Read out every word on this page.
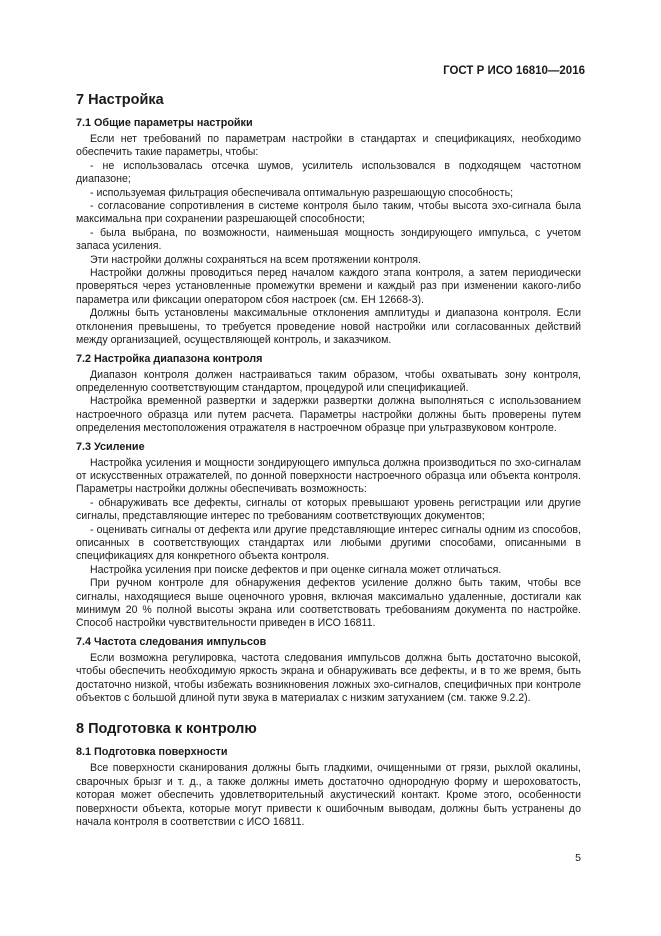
ГОСТ Р ИСО 16810—2016
7 Настройка
7.1 Общие параметры настройки

Если нет требований по параметрам настройки в стандартах и спецификациях, необходимо обеспечить такие параметры, чтобы:

- не использовалась отсечка шумов, усилитель использовался в подходящем частотном диапазоне;

- используемая фильтрация обеспечивала оптимальную разрешающую способность;

- согласование сопротивления в системе контроля было таким, чтобы высота эхо-сигнала была максимальна при сохранении разрешающей способности;

- была выбрана, по возможности, наименьшая мощность зондирующего импульса, с учетом запаса усиления.

Эти настройки должны сохраняться на всем протяжении контроля.

Настройки должны проводиться перед началом каждого этапа контроля, а затем периодически проверяться через установленные промежутки времени и каждый раз при изменении какого-либо параметра или фиксации оператором сбоя настроек (см. ЕН 12668-3).

Должны быть установлены максимальные отклонения амплитуды и диапазона контроля. Если отклонения превышены, то требуется проведение новой настройки или согласованных действий между организацией, осуществляющей контроль, и заказчиком.

7.2 Настройка диапазона контроля

Диапазон контроля должен настраиваться таким образом, чтобы охватывать зону контроля, определенную соответствующим стандартом, процедурой или спецификацией.

Настройка временной развертки и задержки развертки должна выполняться с использованием настроечного образца или путем расчета. Параметры настройки должны быть проверены путем определения местоположения отражателя в настроечном образце при ультразвуковом контроле.

7.3 Усиление

Настройка усиления и мощности зондирующего импульса должна производиться по эхо-сигналам от искусственных отражателей, по донной поверхности настроечного образца или объекта контроля. Параметры настройки должны обеспечивать возможность:

- обнаруживать все дефекты, сигналы от которых превышают уровень регистрации или другие сигналы, представляющие интерес по требованиям соответствующих документов;

- оценивать сигналы от дефекта или другие представляющие интерес сигналы одним из способов, описанных в соответствующих стандартах или любыми другими способами, описанными в спецификациях для конкретного объекта контроля.

Настройка усиления при поиске дефектов и при оценке сигнала может отличаться.

При ручном контроле для обнаружения дефектов усиление должно быть таким, чтобы все сигналы, находящиеся выше оценочного уровня, включая максимально удаленные, достигали как минимум 20 % полной высоты экрана или соответствовать требованиям документа по настройке. Способ настройки чувствительности приведен в ИСО 16811.

7.4 Частота следования импульсов

Если возможна регулировка, частота следования импульсов должна быть достаточно высокой, чтобы обеспечить необходимую яркость экрана и обнаруживать все дефекты, и в то же время, быть достаточно низкой, чтобы избежать возникновения ложных эхо-сигналов, специфичных при контроле объектов с большой длиной пути звука в материалах с низким затуханием (см. также 9.2.2).

8 Подготовка к контролю
8.1 Подготовка поверхности

Все поверхности сканирования должны быть гладкими, очищенными от грязи, рыхлой окалины, сварочных брызг и т. д., а также должны иметь достаточно однородную форму и шероховатость, которая может обеспечить удовлетворительный акустический контакт. Кроме этого, особенности поверхности объекта, которые могут привести к ошибочным выводам, должны быть устранены до начала контроля в соответствии с ИСО 16811.

5
